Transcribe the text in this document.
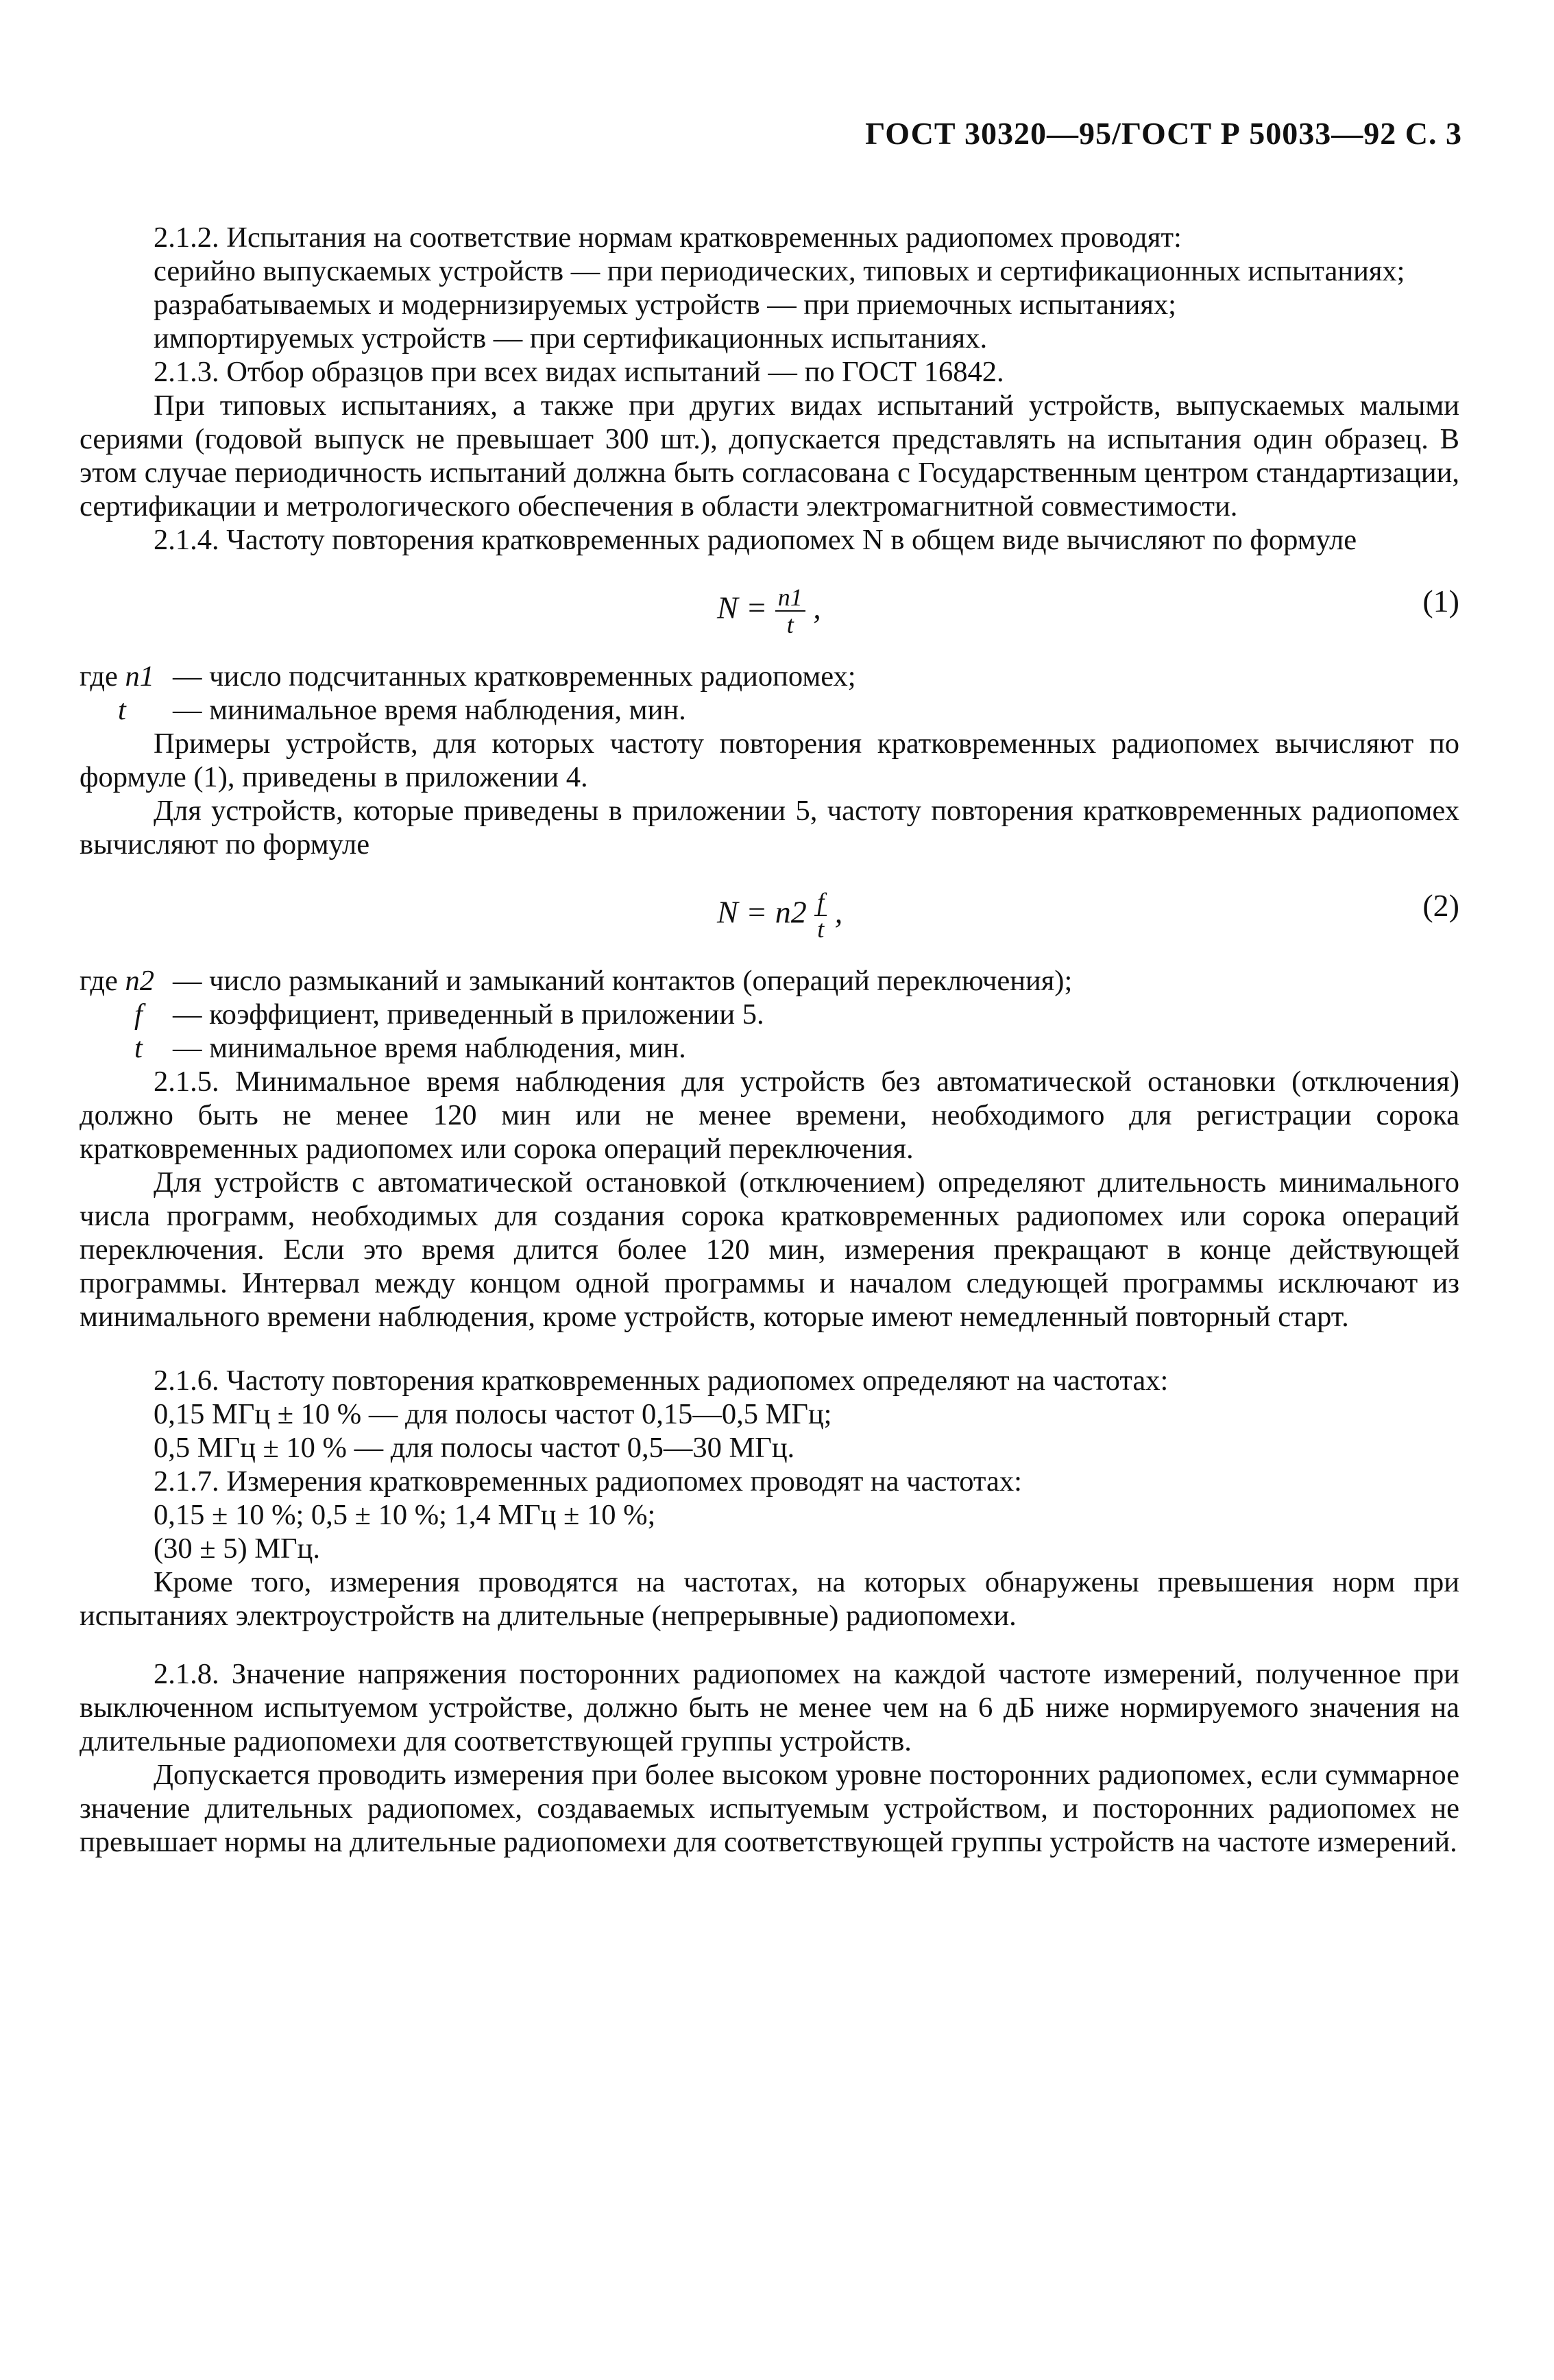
ГОСТ 30320—95/ГОСТ Р 50033—92 С. 3

2.1.2. Испытания на соответствие нормам кратковременных радиопомех проводят:

серийно выпускаемых устройств — при периодических, типовых и сертификационных испытаниях;

разрабатываемых и модернизируемых устройств — при приемочных испытаниях;

импортируемых устройств — при сертификационных испытаниях.

2.1.3. Отбор образцов при всех видах испытаний — по ГОСТ 16842.

При типовых испытаниях, а также при других видах испытаний устройств, выпускаемых малыми сериями (годовой выпуск не превышает 300 шт.), допускается представлять на испытания один образец. В этом случае периодичность испытаний должна быть согласована с Государственным центром стандартизации, сертификации и метрологического обеспечения в области электромагнитной совместимости.

2.1.4. Частоту повторения кратковременных радиопомех N в общем виде вычисляют по формуле

$N = \frac{n1}{t}$ ,	(1)
где n1 — число подсчитанных кратковременных радиопомех;
t	— минимальное время наблюдения, мин.

Примеры устройств, для которых частоту повторения кратковременных радиопомех вычисляют по формуле (1), приведены в приложении 4.

Для устройств, которые приведены в приложении 5, частоту повторения кратковременных радиопомех вычисляют по формуле

$N = n2 \frac{f}{t}$ ,	(2)
где n2 — число размыканий и замыканий контактов (операций переключения);
f	— коэффициент, приведенный в приложении 5.
t	— минимальное время наблюдения, мин.

2.1.5. Минимальное время наблюдения для устройств без автоматической остановки (отключения) должно быть не менее 120 мин или не менее времени, необходимого для регистрации сорока кратковременных радиопомех или сорока операций переключения.

Для устройств с автоматической остановкой (отключением) определяют длительность минимального числа программ, необходимых для создания сорока кратковременных радиопомех или сорока операций переключения. Если это время длится более 120 мин, измерения прекращают в конце действующей программы. Интервал между концом одной программы и началом следующей программы исключают из минимального времени наблюдения, кроме устройств, которые имеют немедленный повторный старт.

2.1.6. Частоту повторения кратковременных радиопомех определяют на частотах:

0,15 МГц ± 10 % — для полосы частот 0,15—0,5 МГц;

0,5 МГц ± 10 % — для полосы частот 0,5—30 МГц.

2.1.7. Измерения кратковременных радиопомех проводят на частотах:

0,15 ± 10 %; 0,5 ± 10 %; 1,4 МГц ± 10 %;

(30 ± 5) МГц.

Кроме того, измерения проводятся на частотах, на которых обнаружены превышения норм при испытаниях электроустройств на длительные (непрерывные) радиопомехи.

2.1.8. Значение напряжения посторонних радиопомех на каждой частоте измерений, полученное при выключенном испытуемом устройстве, должно быть не менее чем на 6 дБ ниже нормируемого значения на длительные радиопомехи для соответствующей группы устройств.

Допускается проводить измерения при более высоком уровне посторонних радиопомех, если суммарное значение длительных радиопомех, создаваемых испытуемым устройством, и посторонних радиопомех не превышает нормы на длительные радиопомехи для соответствующей группы устройств на частоте измерений.
